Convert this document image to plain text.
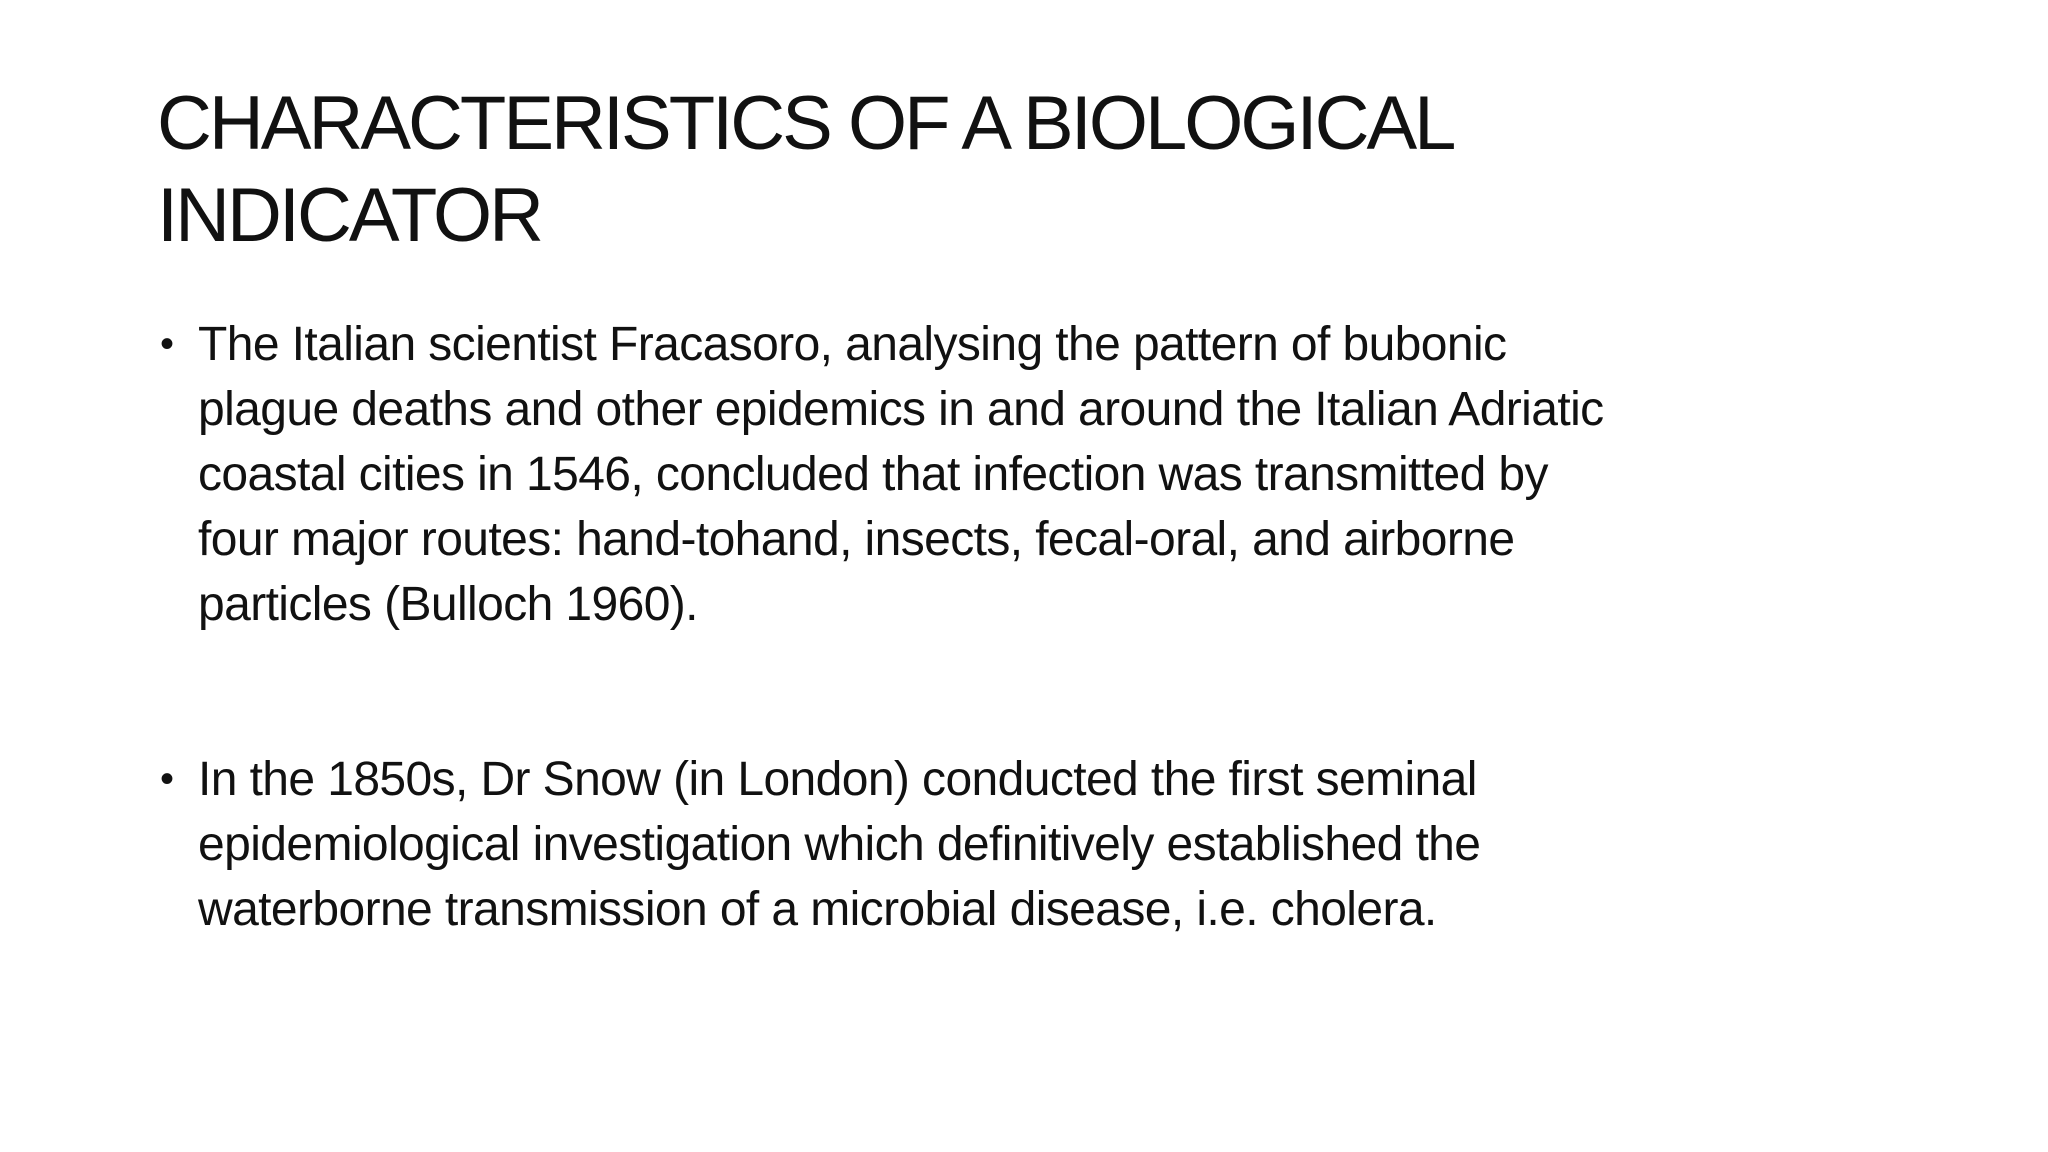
CHARACTERISTICS OF A BIOLOGICAL
INDICATOR
• The Italian scientist Fracasoro, analysing the pattern of bubonic
plague deaths and other epidemics in and around the Italian Adriatic
coastal cities in 1546, concluded that infection was transmitted by
four major routes: hand-tohand, insects, fecal-oral, and airborne
particles (Bulloch 1960).
• In the 1850s, Dr Snow (in London) conducted the first seminal
epidemiological investigation which definitively established the
waterborne transmission of a microbial disease, i.e. cholera.
